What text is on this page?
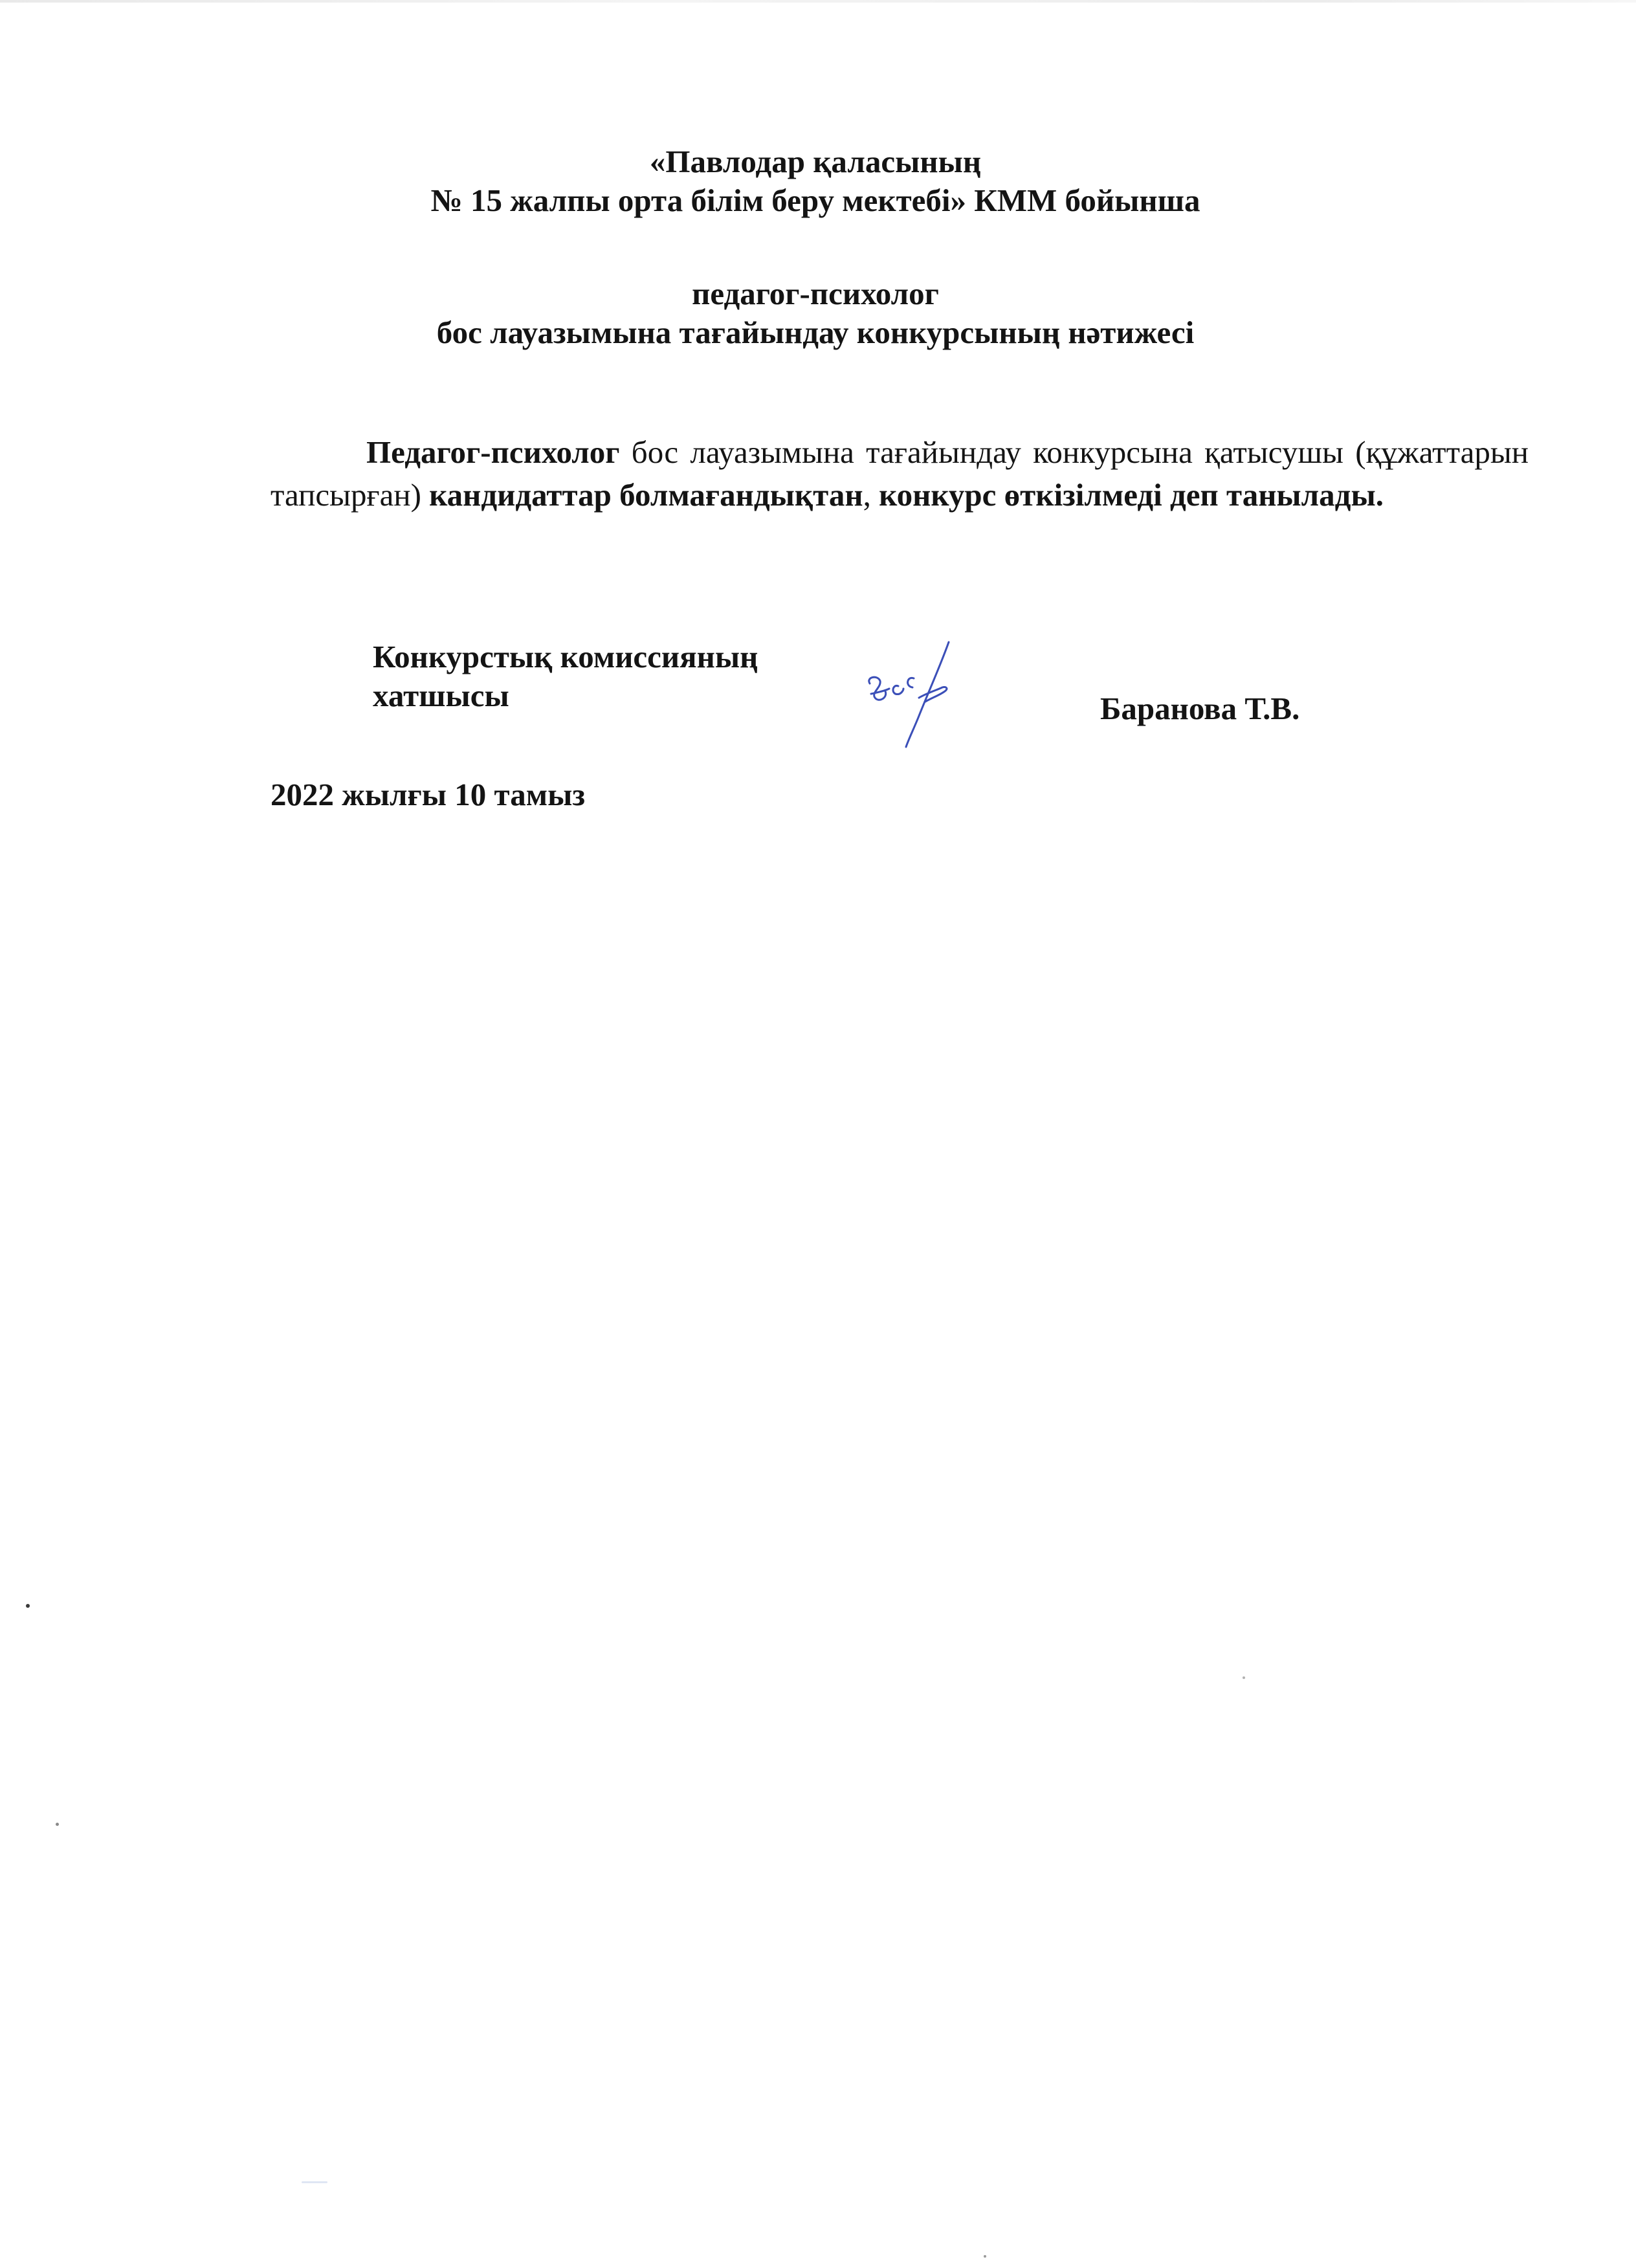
«Павлодар қаласының
№ 15 жалпы орта білім беру мектебі» КММ бойынша
педагог-психолог
бос лауазымына тағайындау конкурсының нәтижесі

Педагог-психолог бос лауазымына тағайындау конкурсына қатысушы (құжаттарын тапсырған) кандидаттар болмағандықтан, конкурс өткізілмеді деп танылады.

Конкурстық комиссияның
хатшысы	Баранова Т.В.
2022 жылғы 10 тамыз
